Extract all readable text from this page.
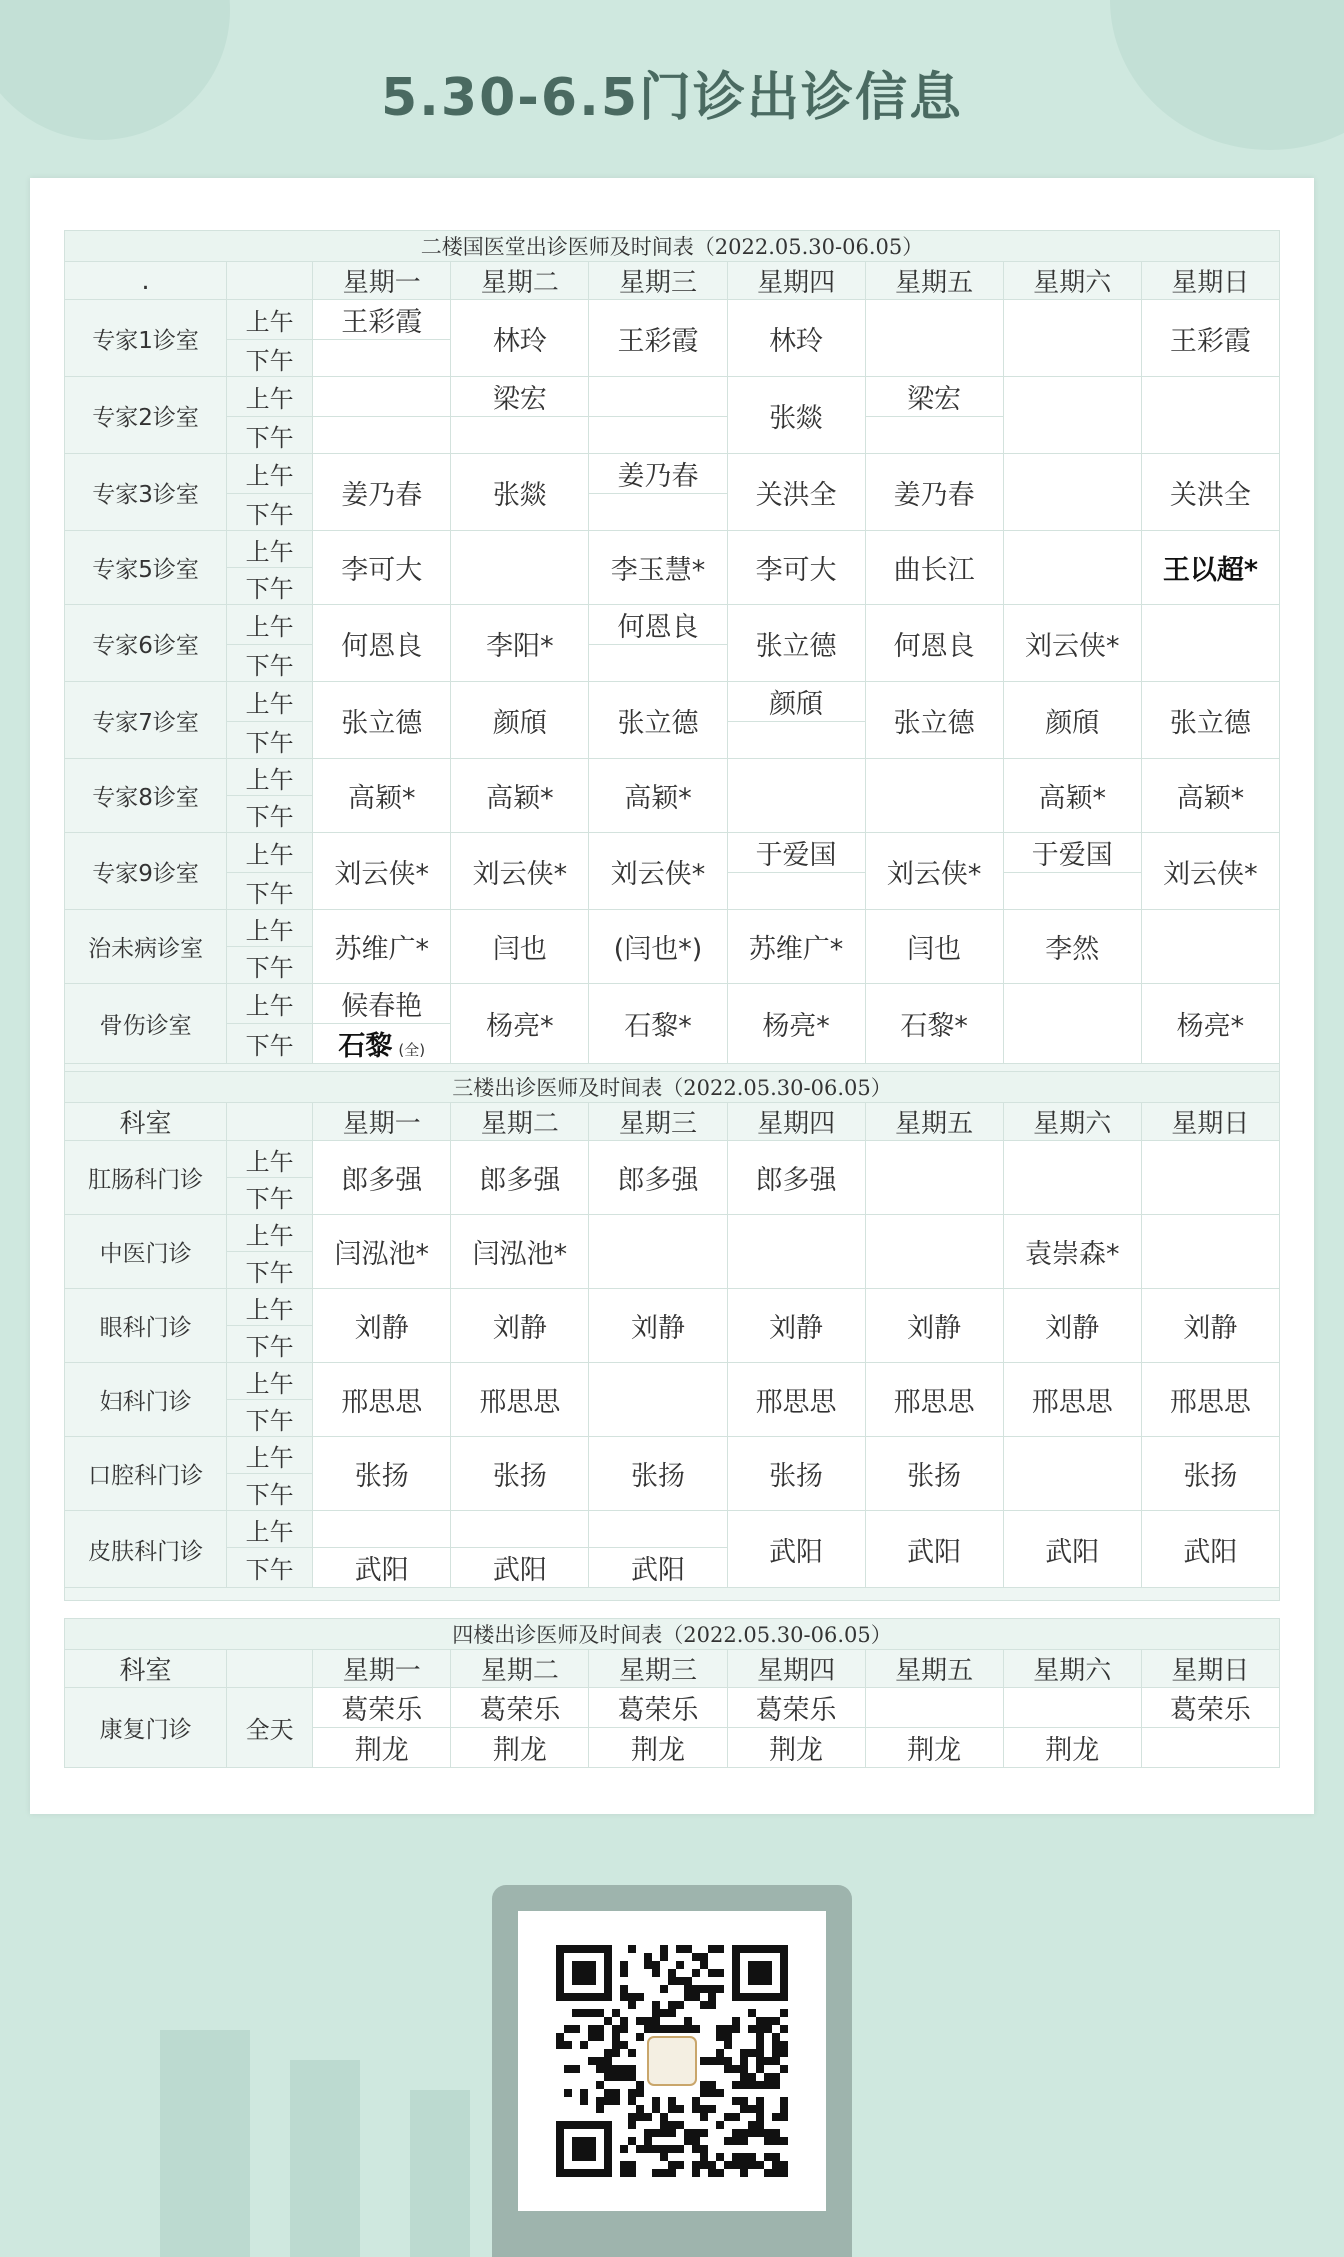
5.30-6.5门诊出诊信息
二楼国医堂出诊医师及时间表（2022.05.30-06.05）								
.		星期一	星期二	星期三	星期四	星期五	星期六	星期日
专家1诊室	上午	王彩霞	林玲	王彩霞	林玲			王彩霞
	下午							
专家2诊室	上午		梁宏		张燚	梁宏		
	下午							
专家3诊室	上午	姜乃春	张燚	姜乃春	关洪全	姜乃春		关洪全
	下午							
专家5诊室	上午	李可大		李玉慧*	李可大	曲长江		王以超*
	下午							
专家6诊室	上午	何恩良	李阳*	何恩良	张立德	何恩良	刘云侠*	
	下午							
专家7诊室	上午	张立德	颜頎	张立德	颜頎	张立德	颜頎	张立德
	下午							
专家8诊室	上午	高颖*	高颖*	高颖*			高颖*	高颖*
	下午							
专家9诊室	上午	刘云侠*	刘云侠*	刘云侠*	于爱国	刘云侠*	于爱国	刘云侠*
	下午							
治未病诊室	上午	苏维广*	闫也	(闫也*)	苏维广*	闫也	李然	
	下午							
骨伤诊室	上午	候春艳	杨亮*	石黎*	杨亮*	石黎*		杨亮*
	下午	石黎 (全)						

三楼出诊医师及时间表（2022.05.30-06.05）								
科室		星期一	星期二	星期三	星期四	星期五	星期六	星期日
肛肠科门诊	上午	郎多强	郎多强	郎多强	郎多强			
	下午							
中医门诊	上午	闫泓池*	闫泓池*				袁崇森*	
	下午							
眼科门诊	上午	刘静	刘静	刘静	刘静	刘静	刘静	刘静
	下午							
妇科门诊	上午	邢思思	邢思思		邢思思	邢思思	邢思思	邢思思
	下午							
口腔科门诊	上午	张扬	张扬	张扬	张扬	张扬		张扬
	下午							
皮肤科门诊	上午				武阳	武阳	武阳	武阳
	下午	武阳	武阳	武阳				

四楼出诊医师及时间表（2022.05.30-06.05）								
科室		星期一	星期二	星期三	星期四	星期五	星期六	星期日
康复门诊	全天	葛荣乐	葛荣乐	葛荣乐	葛荣乐			葛荣乐
		荆龙	荆龙	荆龙	荆龙	荆龙	荆龙	
